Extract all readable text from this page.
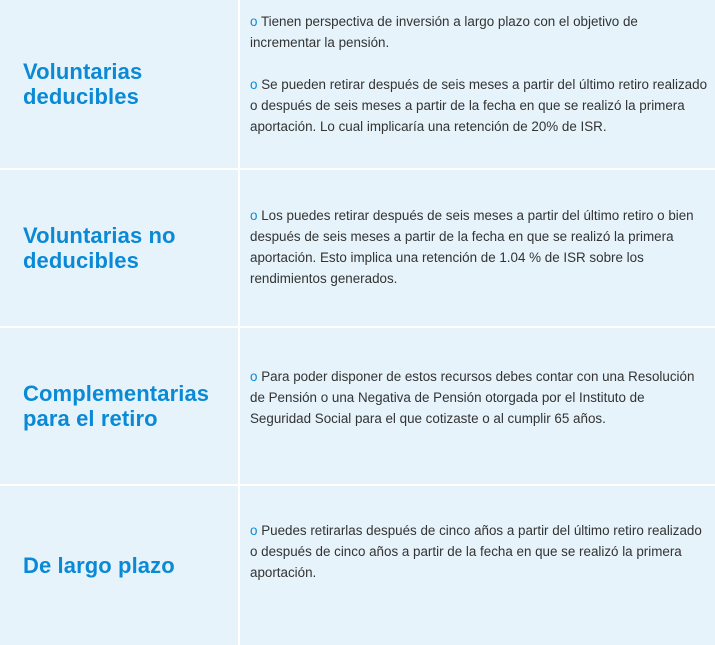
Voluntarias deducibles

o Tienen perspectiva de inversión a largo plazo con el objetivo de incrementar la pensión.

o Se pueden retirar después de seis meses a partir del último retiro realizado o después de seis meses a partir de la fecha en que se realizó la primera aportación. Lo cual implicaría una retención de 20% de ISR.

Voluntarias no deducibles

o Los puedes retirar después de seis meses a partir del último retiro o bien después de seis meses a partir de la fecha en que se realizó la primera aportación. Esto implica una retención de 1.04 % de ISR sobre los rendimientos generados.

Complementarias para el retiro

o Para poder disponer de estos recursos debes contar con una Resolución de Pensión o una Negativa de Pensión otorgada por el Instituto de Seguridad Social para el que cotizaste o al cumplir 65 años.

De largo plazo

o Puedes retirarlas después de cinco años a partir del último retiro realizado o después de cinco años a partir de la fecha en que se realizó la primera aportación.
